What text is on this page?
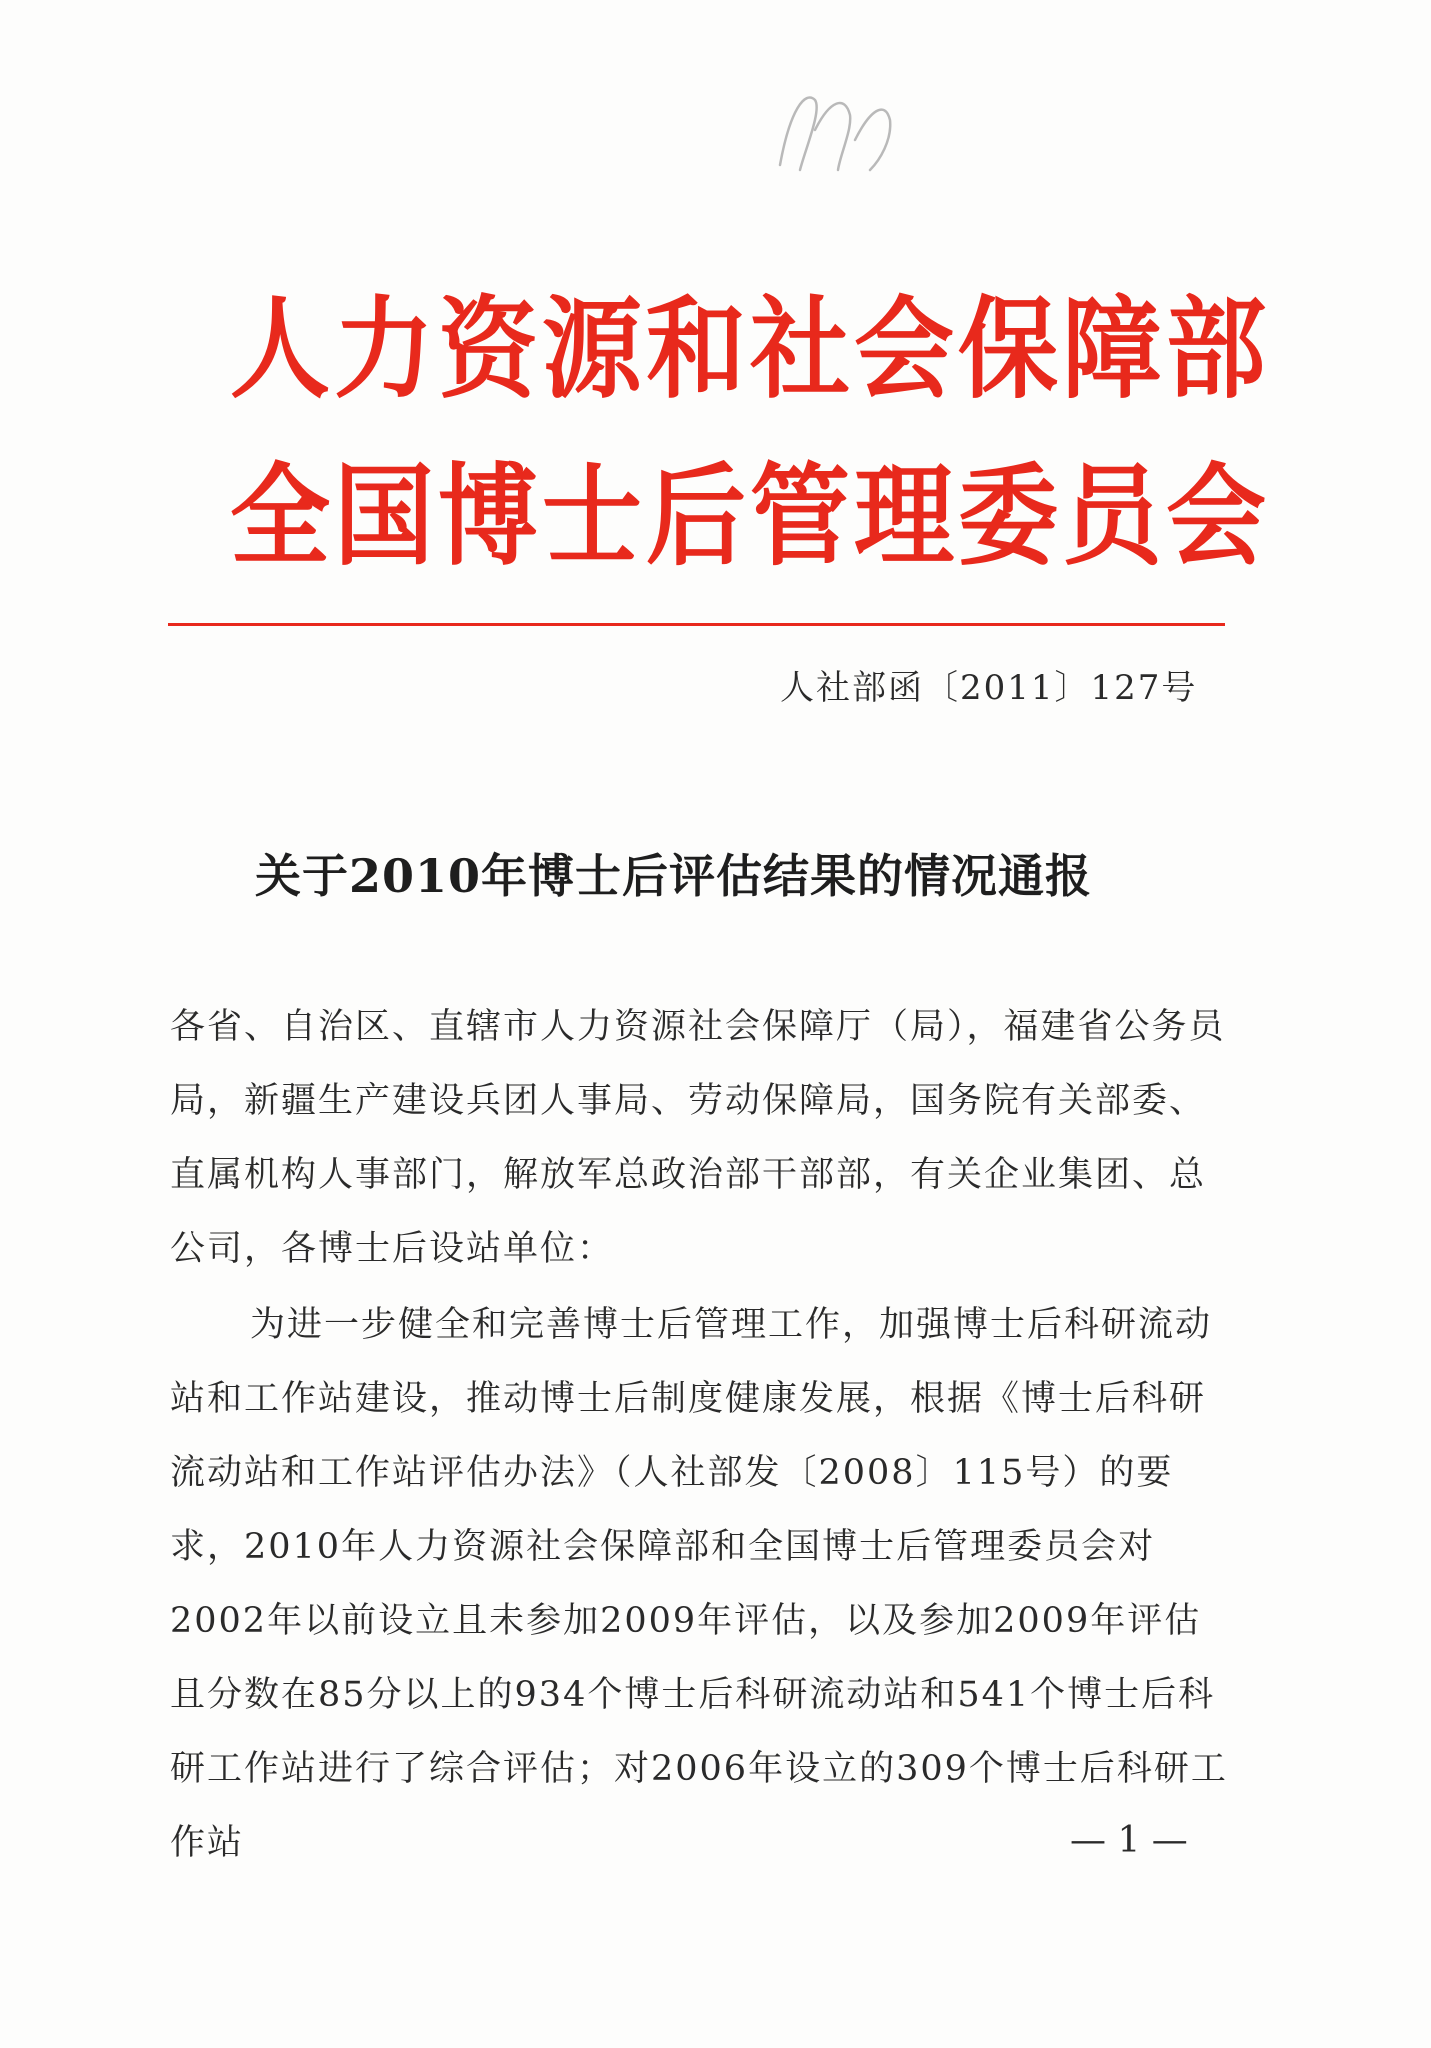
人力资源和社会保障部
全国博士后管理委员会
人社部函〔2011〕127号
关于2010年博士后评估结果的情况通报
各省、自治区、直辖市人力资源社会保障厅（局），福建省公务员局，新疆生产建设兵团人事局、劳动保障局，国务院有关部委、直属机构人事部门，解放军总政治部干部部，有关企业集团、总公司，各博士后设站单位：
为进一步健全和完善博士后管理工作，加强博士后科研流动站和工作站建设，推动博士后制度健康发展，根据《博士后科研流动站和工作站评估办法》（人社部发〔2008〕115号）的要求，2010年人力资源社会保障部和全国博士后管理委员会对2002年以前设立且未参加2009年评估，以及参加2009年评估且分数在85分以上的934个博士后科研流动站和541个博士后科研工作站进行了综合评估；对2006年设立的309个博士后科研工作站	— 1 —
